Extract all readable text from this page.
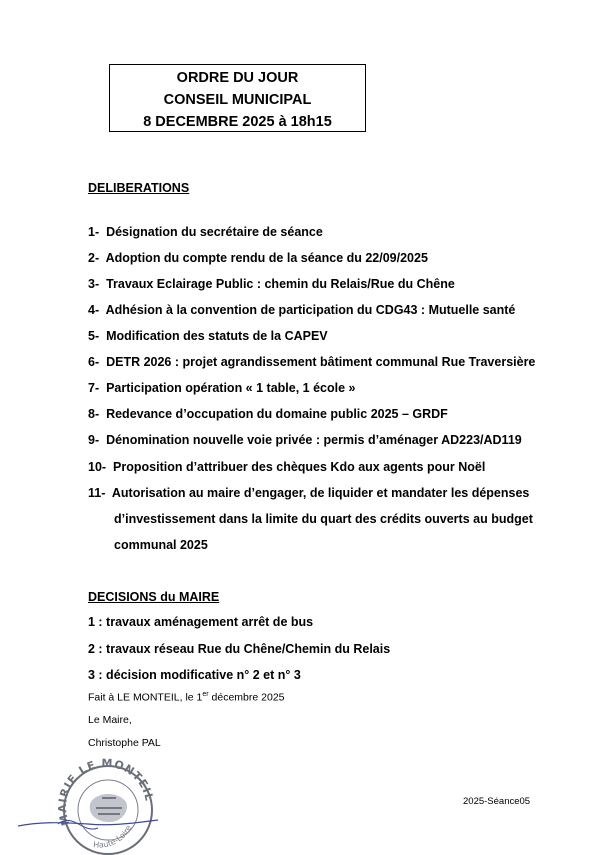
ORDRE DU JOUR
CONSEIL MUNICIPAL
8 DECEMBRE 2025 à 18h15
DELIBERATIONS
1- Désignation du secrétaire de séance
2- Adoption du compte rendu de la séance du 22/09/2025
3- Travaux Eclairage Public : chemin du Relais/Rue du Chêne
4- Adhésion à la convention de participation du CDG43 : Mutuelle santé
5- Modification des statuts de la CAPEV
6- DETR 2026 : projet agrandissement bâtiment communal Rue Traversière
7- Participation opération « 1 table, 1 école »
8- Redevance d’occupation du domaine public 2025 – GRDF
9- Dénomination nouvelle voie privée : permis d’aménager AD223/AD119
10- Proposition d’attribuer des chèques Kdo aux agents pour Noël
11- Autorisation au maire d’engager, de liquider et mandater les dépenses
d’investissement dans la limite du quart des crédits ouverts au budget
communal 2025
DECISIONS du MAIRE
1 : travaux aménagement arrêt de bus
2 : travaux réseau Rue du Chêne/Chemin du Relais
3 : décision modificative n° 2 et n° 3
Fait à LE MONTEIL, le 1er décembre 2025
Le Maire,
Christophe PAL
2025-Séance05
MAIRIE LE MONTEIL
Haute-Loire
